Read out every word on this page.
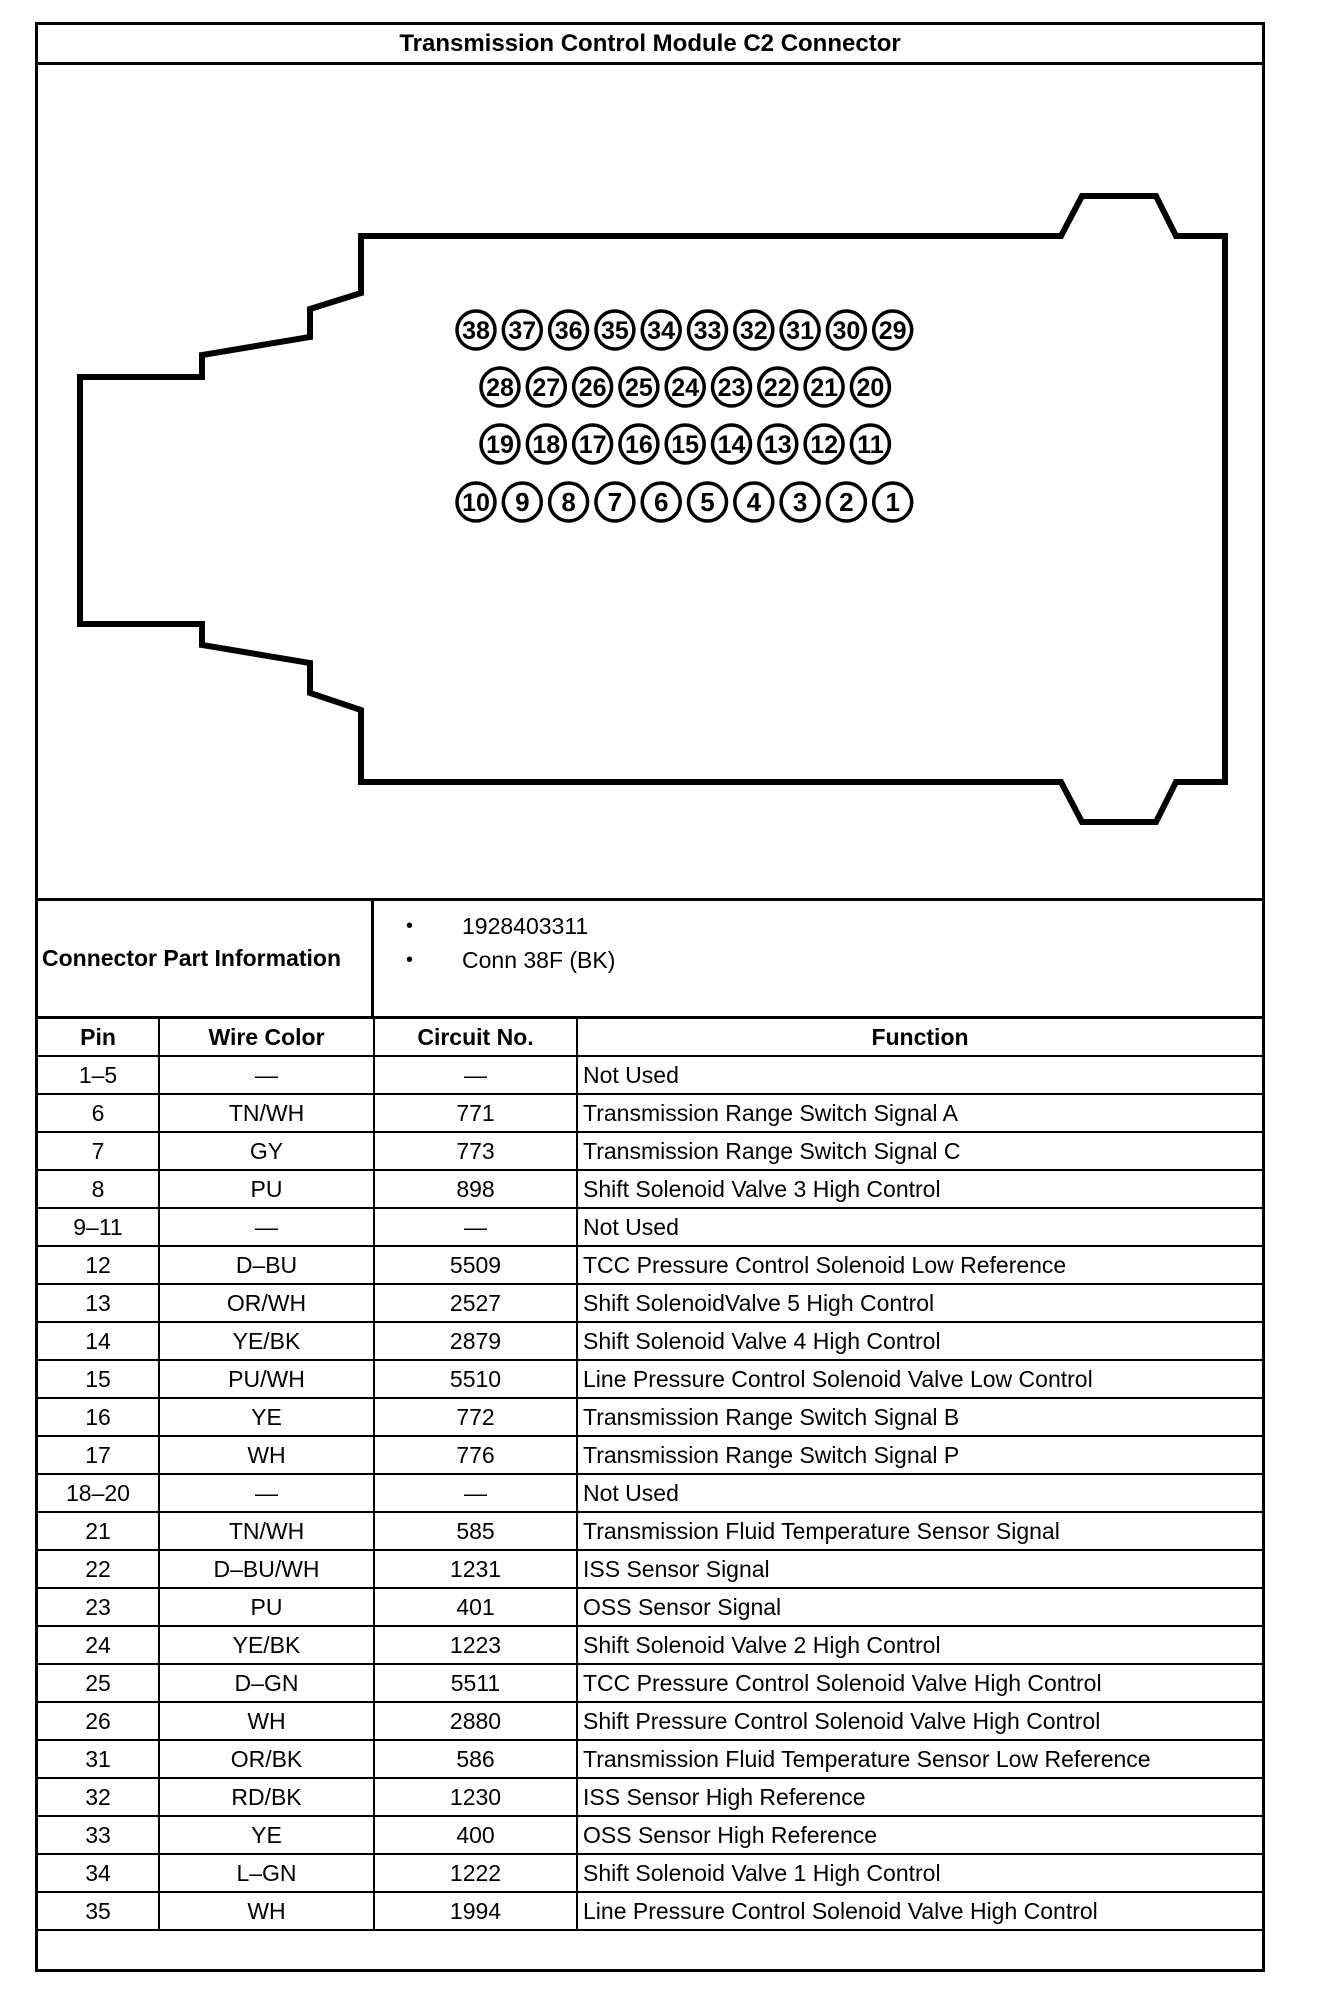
Transmission Control Module C2 Connector
38 37 36 35 34 33 32 31 30 29
28 27 26 25 24 23 22 21 20
19 18 17 16 15 14 13 12 11
10 9 8 7 6 5 4 3 2 1
Connector Part Information
• 1928403311
• Conn 38F (BK)
Pin	Wire Color	Circuit No.	Function
1–5	—	—	Not Used
6	TN/WH	771	Transmission Range Switch Signal A
7	GY	773	Transmission Range Switch Signal C
8	PU	898	Shift Solenoid Valve 3 High Control
9–11	—	—	Not Used
12	D–BU	5509	TCC Pressure Control Solenoid Low Reference
13	OR/WH	2527	Shift SolenoidValve 5 High Control
14	YE/BK	2879	Shift Solenoid Valve 4 High Control
15	PU/WH	5510	Line Pressure Control Solenoid Valve Low Control
16	YE	772	Transmission Range Switch Signal B
17	WH	776	Transmission Range Switch Signal P
18–20	—	—	Not Used
21	TN/WH	585	Transmission Fluid Temperature Sensor Signal
22	D–BU/WH	1231	ISS Sensor Signal
23	PU	401	OSS Sensor Signal
24	YE/BK	1223	Shift Solenoid Valve 2 High Control
25	D–GN	5511	TCC Pressure Control Solenoid Valve High Control
26	WH	2880	Shift Pressure Control Solenoid Valve High Control
31	OR/BK	586	Transmission Fluid Temperature Sensor Low Reference
32	RD/BK	1230	ISS Sensor High Reference
33	YE	400	OSS Sensor High Reference
34	L–GN	1222	Shift Solenoid Valve 1 High Control
35	WH	1994	Line Pressure Control Solenoid Valve High Control
